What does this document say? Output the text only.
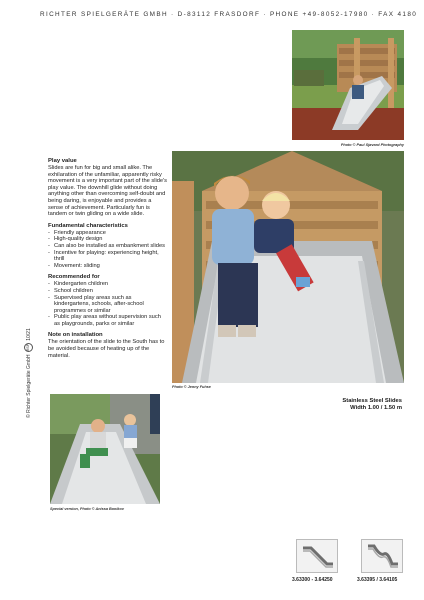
RICHTER SPIELGERÄTE GMBH · D-83112 FRASDORF · PHONE +49-8052-17980 · FAX 4180
© Richter Spielgeräte GmbH RSP 10/21
Photo © Paul Sjøvard Photography
Photo © Jenny Fuhse
Play value

Slides are fun for big and small alike. The exhilaration of the unfamiliar, apparently risky movement is a very important part of the slide's play value. The downhill glide without doing anything other than overcoming self-doubt and being daring, is enjoyable and provides a sense of achievement. Particularly fun is tandem or twin gliding on a wide slide.

Fundamental characteristics
- Friendly appearance
- High-quality design
- Can also be installed as embankment slides
- Incentive for playing: experiencing height, thrill
- Movement: sliding
Recommended for
- Kindergarten children
- School children
- Supervised play areas such as kindergartens, schools, after-school programmes or similar
- Public play areas without supervision such as playgrounds, parks or similar
Note on installation

The orientation of the slide to the South has to be avoided because of heating up of the material.

Stainless Steel Slides
Width 1.00 / 1.50 m
Special version, Photo © Anissa Bonikov
3.63300 - 3.64250	3.63395 / 3.64105
